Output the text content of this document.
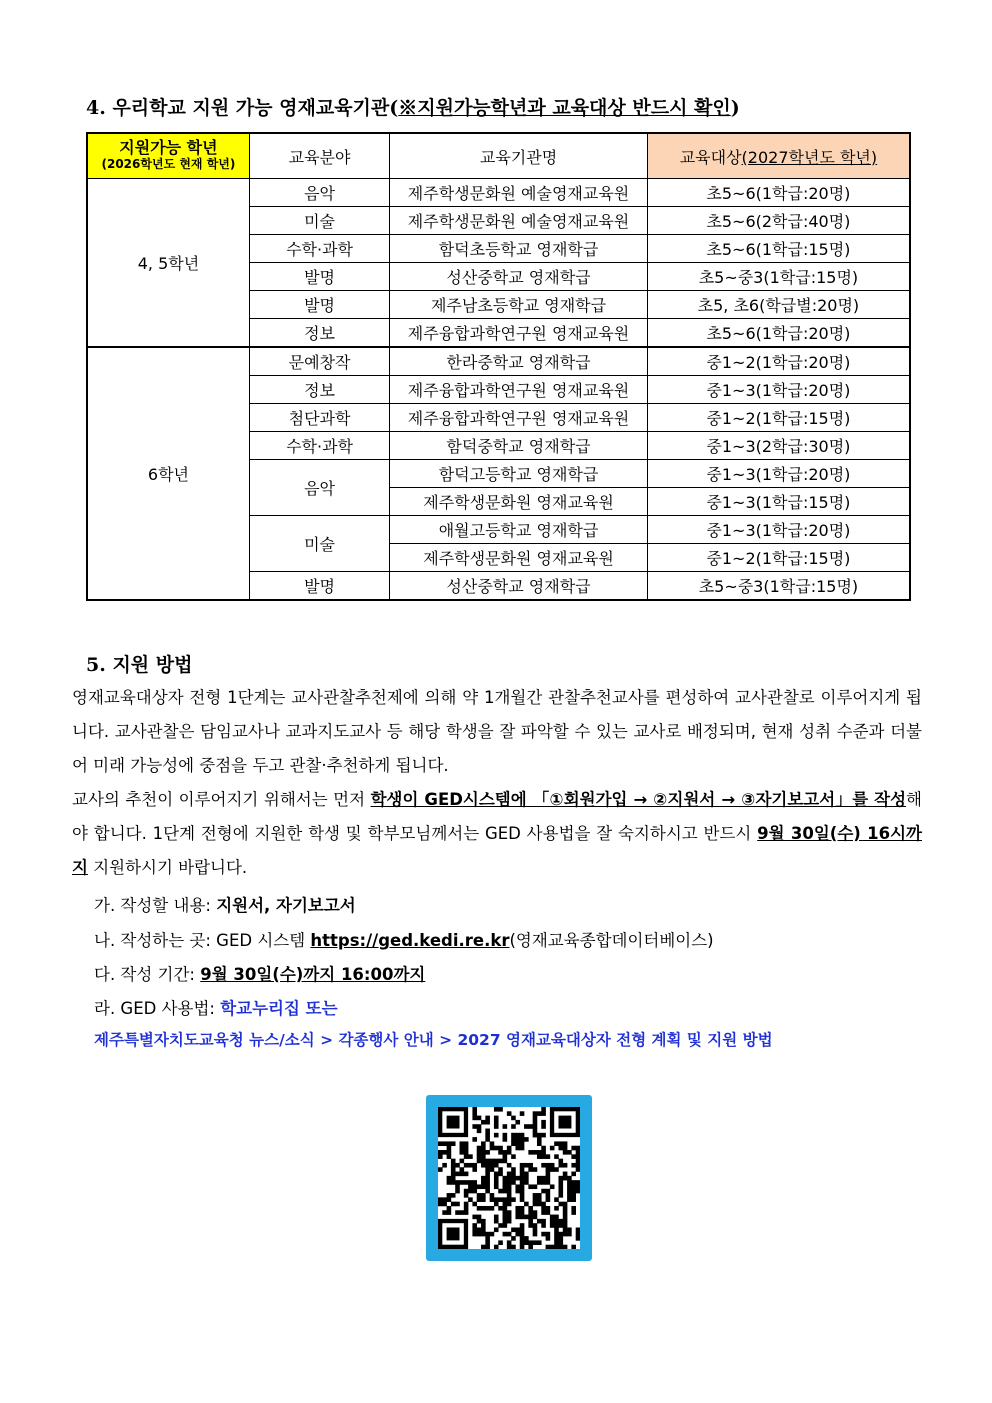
4. 우리학교 지원 가능 영재교육기관(※지원가능학년과 교육대상 반드시 확인)
지원가능 학년
(2026학년도 현재 학년)	교육분야	교육기관명	교육대상(2027학년도 학년)
4, 5학년	음악	제주학생문화원 예술영재교육원	초5~6(1학급:20명)
	미술	제주학생문화원 예술영재교육원	초5~6(2학급:40명)
	수학·과학	함덕초등학교 영재학급	초5~6(1학급:15명)
	발명	성산중학교 영재학급	초5~중3(1학급:15명)
	발명	제주남초등학교 영재학급	초5, 초6(학급별:20명)
	정보	제주융합과학연구원 영재교육원	초5~6(1학급:20명)
6학년	문예창작	한라중학교 영재학급	중1~2(1학급:20명)
	정보	제주융합과학연구원 영재교육원	중1~3(1학급:20명)
	첨단과학	제주융합과학연구원 영재교육원	중1~2(1학급:15명)
	수학·과학	함덕중학교 영재학급	중1~3(2학급:30명)
	음악	함덕고등학교 영재학급	중1~3(1학급:20명)
		제주학생문화원 영재교육원	중1~3(1학급:15명)
	미술	애월고등학교 영재학급	중1~3(1학급:20명)
		제주학생문화원 영재교육원	중1~2(1학급:15명)
	발명	성산중학교 영재학급	초5~중3(1학급:15명)
5. 지원 방법
영재교육대상자 전형 1단계는 교사관찰추천제에 의해 약 1개월간 관찰추천교사를 편성하여 교사관찰로 이루어지게 됩니다. 교사관찰은 담임교사나 교과지도교사 등 해당 학생을 잘 파악할 수 있는 교사로 배정되며, 현재 성취 수준과 더불어 미래 가능성에 중점을 두고 관찰·추천하게 됩니다.
교사의 추천이 이루어지기 위해서는 먼저 학생이 GED시스템에 「①회원가입 → ②지원서 → ③자기보고서」를 작성해야 합니다. 1단계 전형에 지원한 학생 및 학부모님께서는 GED 사용법을 잘 숙지하시고 반드시 9월 30일(수) 16시까지 지원하시기 바랍니다.
가. 작성할 내용: 지원서, 자기보고서
나. 작성하는 곳: GED 시스템 https://ged.kedi.re.kr(영재교육종합데이터베이스)
다. 작성 기간: 9월 30일(수)까지 16:00까지
라. GED 사용법: 학교누리집 또는
제주특별자치도교육청 뉴스/소식 > 각종행사 안내 > 2027 영재교육대상자 전형 계획 및 지원 방법
